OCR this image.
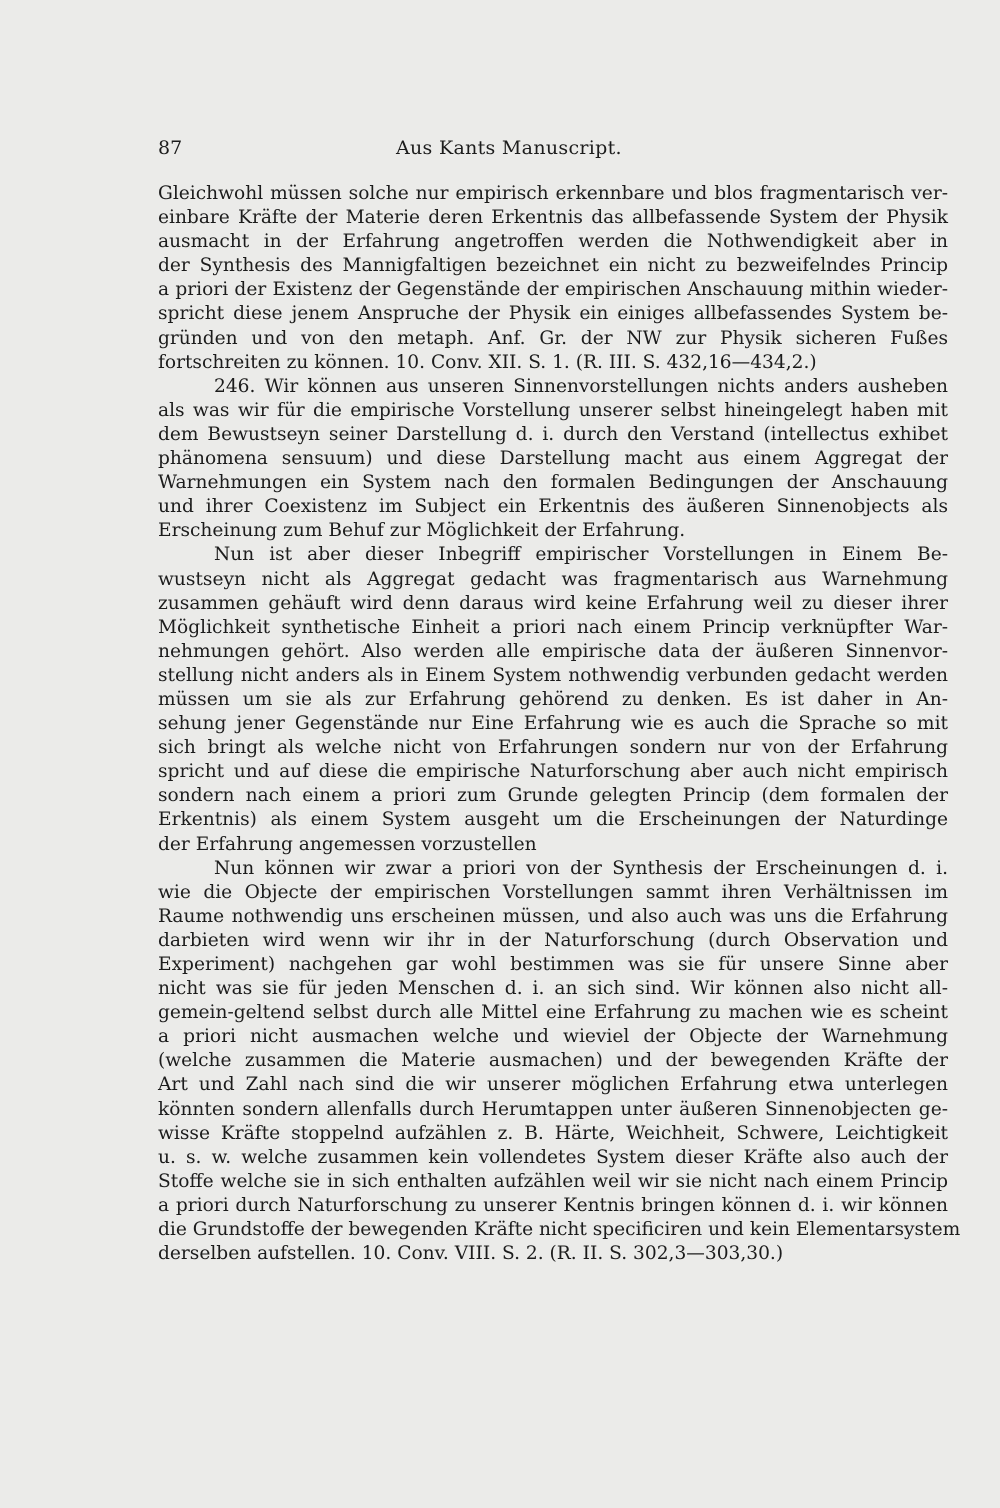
87	Aus Kants Manuscript.
Gleichwohl müssen solche nur empirisch erkennbare und blos fragmentarisch ver-
einbare Kräfte der Materie deren Erkentnis das allbefassende System der Physik
ausmacht in der Erfahrung angetroffen werden die Nothwendigkeit aber in
der Synthesis des Mannigfaltigen bezeichnet ein nicht zu bezweifelndes Princip
a priori der Existenz der Gegenstände der empirischen Anschauung mithin wieder-
spricht diese jenem Anspruche der Physik ein einiges allbefassendes System be-
gründen und von den metaph. Anf. Gr. der NW zur Physik sicheren Fußes
fortschreiten zu können. 10. Conv. XII. S. 1. (R. III. S. 432,16—434,2.)
246. Wir können aus unseren Sinnenvorstellungen nichts anders ausheben
als was wir für die empirische Vorstellung unserer selbst hineingelegt haben mit
dem Bewustseyn seiner Darstellung d. i. durch den Verstand (intellectus exhibet
phänomena sensuum) und diese Darstellung macht aus einem Aggregat der
Warnehmungen ein System nach den formalen Bedingungen der Anschauung
und ihrer Coexistenz im Subject ein Erkentnis des äußeren Sinnenobjects als
Erscheinung zum Behuf zur Möglichkeit der Erfahrung.
Nun ist aber dieser Inbegriff empirischer Vorstellungen in Einem Be-
wustseyn nicht als Aggregat gedacht was fragmentarisch aus Warnehmung
zusammen gehäuft wird denn daraus wird keine Erfahrung weil zu dieser ihrer
Möglichkeit synthetische Einheit a priori nach einem Princip verknüpfter War-
nehmungen gehört. Also werden alle empirische data der äußeren Sinnenvor-
stellung nicht anders als in Einem System nothwendig verbunden gedacht werden
müssen um sie als zur Erfahrung gehörend zu denken. Es ist daher in An-
sehung jener Gegenstände nur Eine Erfahrung wie es auch die Sprache so mit
sich bringt als welche nicht von Erfahrungen sondern nur von der Erfahrung
spricht und auf diese die empirische Naturforschung aber auch nicht empirisch
sondern nach einem a priori zum Grunde gelegten Princip (dem formalen der
Erkentnis) als einem System ausgeht um die Erscheinungen der Naturdinge
der Erfahrung angemessen vorzustellen
Nun können wir zwar a priori von der Synthesis der Erscheinungen d. i.
wie die Objecte der empirischen Vorstellungen sammt ihren Verhältnissen im
Raume nothwendig uns erscheinen müssen, und also auch was uns die Erfahrung
darbieten wird wenn wir ihr in der Naturforschung (durch Observation und
Experiment) nachgehen gar wohl bestimmen was sie für unsere Sinne aber
nicht was sie für jeden Menschen d. i. an sich sind. Wir können also nicht all-
gemein-geltend selbst durch alle Mittel eine Erfahrung zu machen wie es scheint
a priori nicht ausmachen welche und wieviel der Objecte der Warnehmung
(welche zusammen die Materie ausmachen) und der bewegenden Kräfte der
Art und Zahl nach sind die wir unserer möglichen Erfahrung etwa unterlegen
könnten sondern allenfalls durch Herumtappen unter äußeren Sinnenobjecten ge-
wisse Kräfte stoppelnd aufzählen z. B. Härte, Weichheit, Schwere, Leichtigkeit
u. s. w. welche zusammen kein vollendetes System dieser Kräfte also auch der
Stoffe welche sie in sich enthalten aufzählen weil wir sie nicht nach einem Princip
a priori durch Naturforschung zu unserer Kentnis bringen können d. i. wir können
die Grundstoffe der bewegenden Kräfte nicht specificiren und kein Elementarsystem
derselben aufstellen. 10. Conv. VIII. S. 2. (R. II. S. 302,3—303,30.)
